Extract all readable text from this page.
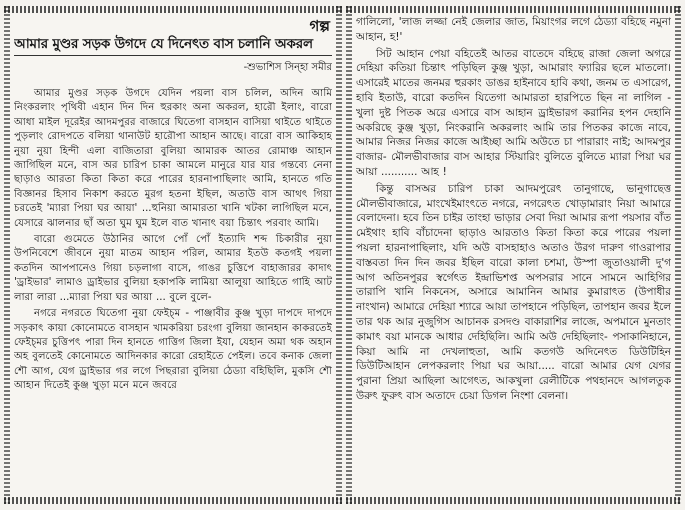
গল্প
আমার মুণ্ডর সড়ক উগদে যে দিনেৎত বাস চলানি অকরল
-শুভাশিস সিন্হা সমীর

আমার মুণ্ডর সড়ক উগদে যেদিন পয়লা বাস চলিল, অদিন আমি নিংকরলাং পৃথিবী এহান দিন দিন হুরকাং অনা অকরল, হারৌ ইলাং, বারো আধা মাইল দূরেইর আদমপুরর বাজারে ঘিতেগা বাসহান বাসিয়া থাইতে থাইতে পুড়লাং রোদপতে বলিয়া থানাউট হারৌপা আহান আছে। বারো বাস আকিহাহ নুয়া নুয়া হিন্দী এলা বাজিতারা বুলিয়া আমারক আতর রোমাঞ্চ আহান জাগিছিল মনে, বাস অর চারিপ চাকা আমলে মানুরে যার যার গন্তব্যে নেনা ছাড়াও আরতা কিতা কিতা করে পারের হারনাপাছিলাং আমি, হানতে গতি বিজ্ঞানর হিসাব নিকাশ করতে মুরগ হতনা ইছিল, অতাউ বাস আথৎ গিয়া চরতেই 'ম্যারা পিয়া ঘর আয়া' ...হুনিয়া আমারতা খানি খটকা লাগিছিল মনে, যেসারে ঝালনার ছাঁ অতা ঘুম ঘুম ইলে বাত খানাৎ বয়া চিন্তাৎ পরবাং আমি।

বারো গুমেতে উঠানির আগে পোঁ পোঁ ইত্যাদি শব্দ চিকারীর নুয়া উপনিবেশে জীবনে নুয়া মাতম আহান পরিল, আমার ইতউ কতগই পয়লা কতদিন আপপানেও গিয়া চড়লাগা বাসে, গাঙর চুত্তিপে বাহাজারর কাদাৎ 'ড্রাইভার' লামাও ড্রাইভার বুলিয়া হকাপকি লামিয়া আলুয়া আহিতে গাহি আট লারা লারা ...ম্যারা পিয়া ঘর আয়া ... বুলে বুলে-

নগরে নগরতে ঘিতেগা নুয়া ফেইচ্ম - পাঞ্জাবীর কুঞ্জ খুড়া দাপদে দাপদে সড়কাৎ কায়া কোনোমতে বাসহান খামকরিয়া চরংগা বুলিয়া জানহান কাকরতেই ফেইচ্মর চুত্তিপৎ পারা দিন হানতে গাত্তিগ জিলা ইযা, যেহান অমা থক অহান অহ বুলতেই কোনোমতে আদিনকার কারো রেহাইতে পেইল। তবে কনাক জেলা শৌ আগ, যেগ ড্রাইভার গর লগে পিছরারা বুলিয়া ঠেড্যা বহিছিলি, মুকসি শৌ আহান দিতেই কুঞ্জ খুড়া মনে মনে জবরে

গালিলো, 'লাজ লজ্জা নেই জেলার জাত, মিয়াংগর লগে ঠেড্যা বহিছে নমুনা আহান, হ!'

সিট আহান পেয়া বহিতেই আতর বাতেদে বহিছে রাজা জেলা অগরে দেহিয়া কতিয়া চিন্তাৎ পড়িছিল কুঞ্জ খুড়া, আমারাং ফ্যারির ছলে মাতলো। এসারেই মাতের জনমর হুরকাং ডাঙর হাইনাবে হাবি কথা, জনম ত এসারেগ, হাবি ইতাউ, বারো কতদিন যিতেগা আমারতা হারপিতে ছিন না লাগিল - খুলা দুষ্ট পিতক অরে এসারে বাস আহান ড্রাইভারগ করানির হপন দেহানি অকরিছে কুঞ্জ খুড়া, নিংকরানি অকরলাং আমি তার পিতকর কাজে নাবে, আমার নিজর নিজর কাজে আইচ্ছা আমি অউতে চা পারারাং নাই; আদমপুর বাজার- মৌলভীবাজার বাস আহার স্টিয়ারিং বুলিতে বুলিতে ম্যারা পিয়া ঘর আয়া ........... আহ !

কিন্তু বাসঅর চারিপ চাকা আদমপুরেৎ তানুগাছে, ভানুগাছেত্ত মৌলভীবাজারে, মাংখেইমাংৎতে নগরে, নগরেৎত খোড়ামারাং নিয়া আমারে বেলাদেনা। হবে তিন চাইর তাংহা ভাড়ার সেবা দিয়া আমার রূপা পয়সার বাঁত মেইথাং হাবি বাঁচাদেনা ছাড়াও আরতাও কিতা কিতা করে পারের পয়লা পয়লা হারনাপাছিলাং, যদি অউ বাসহাহাও অতাও উরগ দারুণ গাওরাপার বাস্তবতা দিন দিন জবর ইছিল বারো কালা চশমা, উস্পা জুতাওয়ালী দু'গ আগ অতিনপুরর স্বর্গেৎত ইন্দ্রাভিশপ্ত অপসরার সানে সামনে আহিগির তারাপি খানি নিকনেস, অসারে আমানিন আমার কুমারাৎত (উপাধীর নাংখান) আমারে দেহিয়া শ্যারে আয়া তাপহানে পড়িছিল, তাপহান জবর ইলে তার থক আর নুজুগিস আচানক রসদণ্ড বাকারাশির লাজে, অপমানে মুনতাং কামাৎ বয়া মানকে আধার দেহিছিলি। আমি অউ দেহিছিলাং- পসাকানিহানে, কিয়া আমি না দেখলাহুতা, আমি কতগউ অদিনেৎত ডিউটিহিন ডিউটিআহান লেপকরলাং পিয়া ঘর আয়া..... বারো আমার যেগ যেগর পুরানা প্রিয়া আছিলা আগেৎত, আকখুলা রেলীটিকে পথহানদে আগলতুক উরুৎ ফুরুৎ বাস অতাদে চেয়া ডিগল নিংশা বেলনা।
